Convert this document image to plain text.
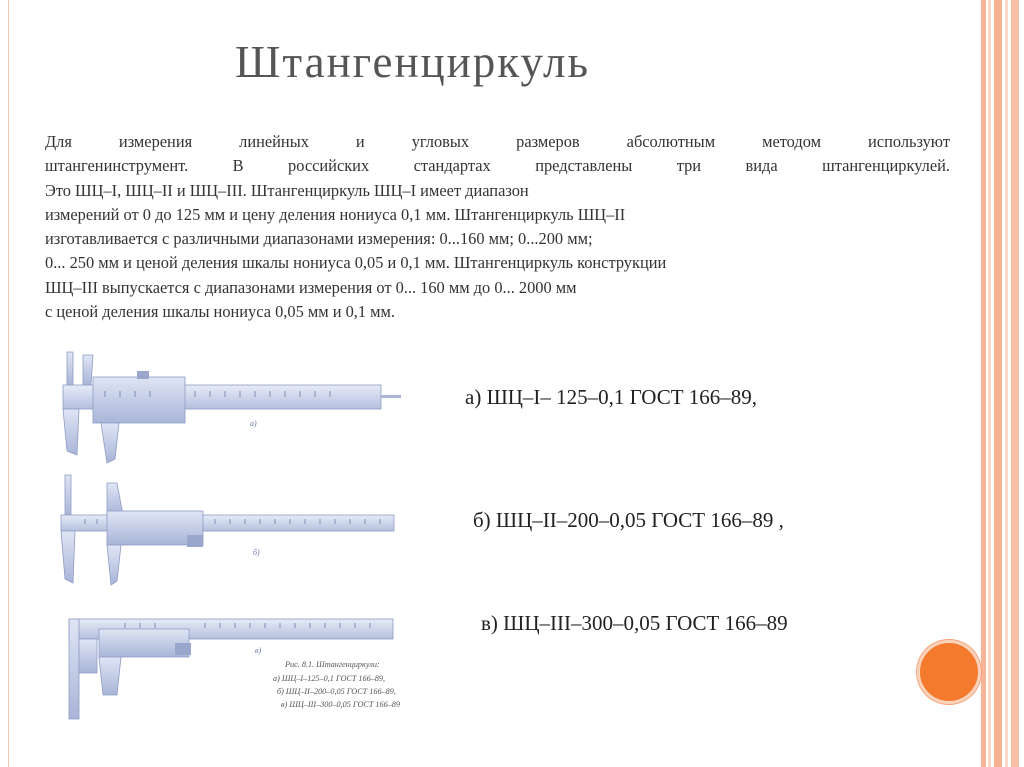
Штангенциркуль
Для измерения линейных и угловых размеров абсолютным методом используют
штангенинструмент. В российских стандартах представлены три вида штангенциркулей.
Это ШЦ–I, ШЦ–II и ШЦ–III. Штангенциркуль ШЦ–I имеет диапазон
измерений от 0 до 125 мм и цену деления нониуса 0,1 мм. Штангенциркуль ШЦ–II
изготавливается с различными диапазонами измерения: 0...160 мм; 0...200 мм;
0... 250 мм и ценой деления шкалы нониуса 0,05 и 0,1 мм. Штангенциркуль конструкции
ШЦ–III выпускается с диапазонами измерения от 0... 160 мм до 0... 2000 мм
с ценой деления шкалы нониуса 0,05 мм и 0,1 мм.
а)
б)
в)
Рис. 8.1. Штангенциркули:
а) ШЦ–I–125–0,1 ГОСТ 166–89,
б) ШЦ–II–200–0,05 ГОСТ 166–89,
в) ШЦ–III–300–0,05 ГОСТ 166–89
а) ШЦ–I– 125–0,1 ГОСТ 166–89,
б) ШЦ–II–200–0,05 ГОСТ 166–89 ,
в) ШЦ–III–300–0,05 ГОСТ 166–89
